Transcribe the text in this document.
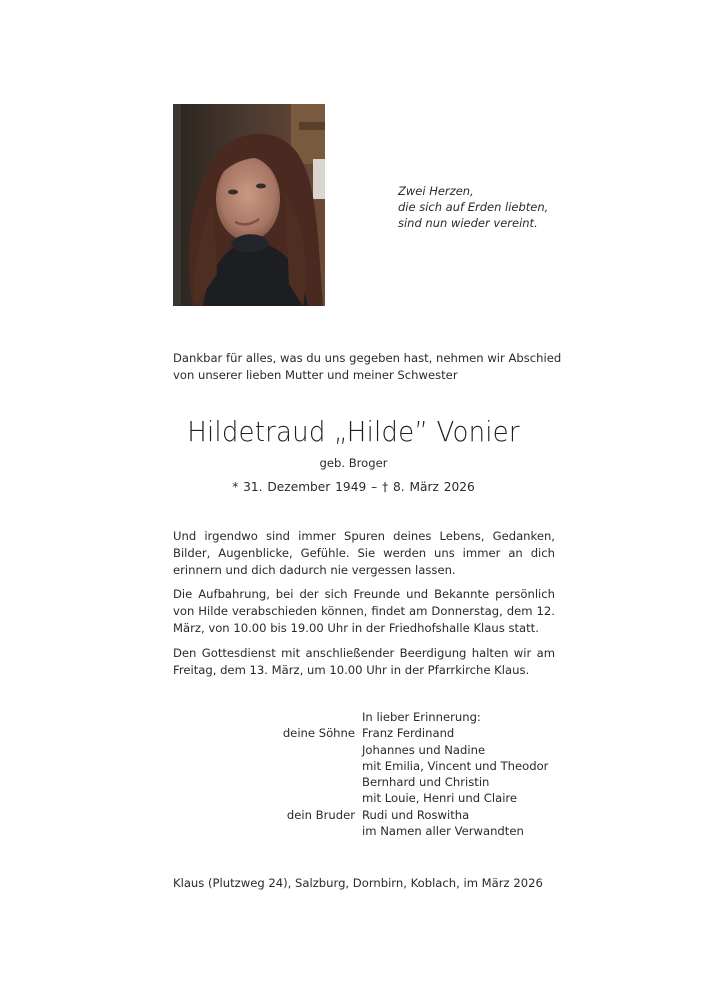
Zwei Herzen,
die sich auf Erden liebten,
sind nun wieder vereint.
Dankbar für alles, was du uns gegeben hast, nehmen wir Abschied
von unserer lieben Mutter und meiner Schwester
Hildetraud „Hilde” Vonier
geb. Broger
* 31. Dezember 1949 – † 8. März 2026
Und irgendwo sind immer Spuren deines Lebens, Gedanken, Bilder, Augenblicke, Gefühle. Sie werden uns immer an dich erinnern und dich dadurch nie vergessen lassen.
Die Aufbahrung, bei der sich Freunde und Bekannte persönlich von Hilde verabschieden können, findet am Donnerstag, dem 12. März, von 10.00 bis 19.00 Uhr in der Friedhofshalle Klaus statt.
Den Gottesdienst mit anschließender Beerdigung halten wir am Freitag, dem 13. März, um 10.00 Uhr in der Pfarrkirche Klaus.
In lieber Erinnerung:
deine Söhne Franz Ferdinand
Johannes und Nadine
mit Emilia, Vincent und Theodor
Bernhard und Christin
mit Louie, Henri und Claire
dein Bruder Rudi und Roswitha
im Namen aller Verwandten
Klaus (Plutzweg 24), Salzburg, Dornbirn, Koblach, im März 2026
